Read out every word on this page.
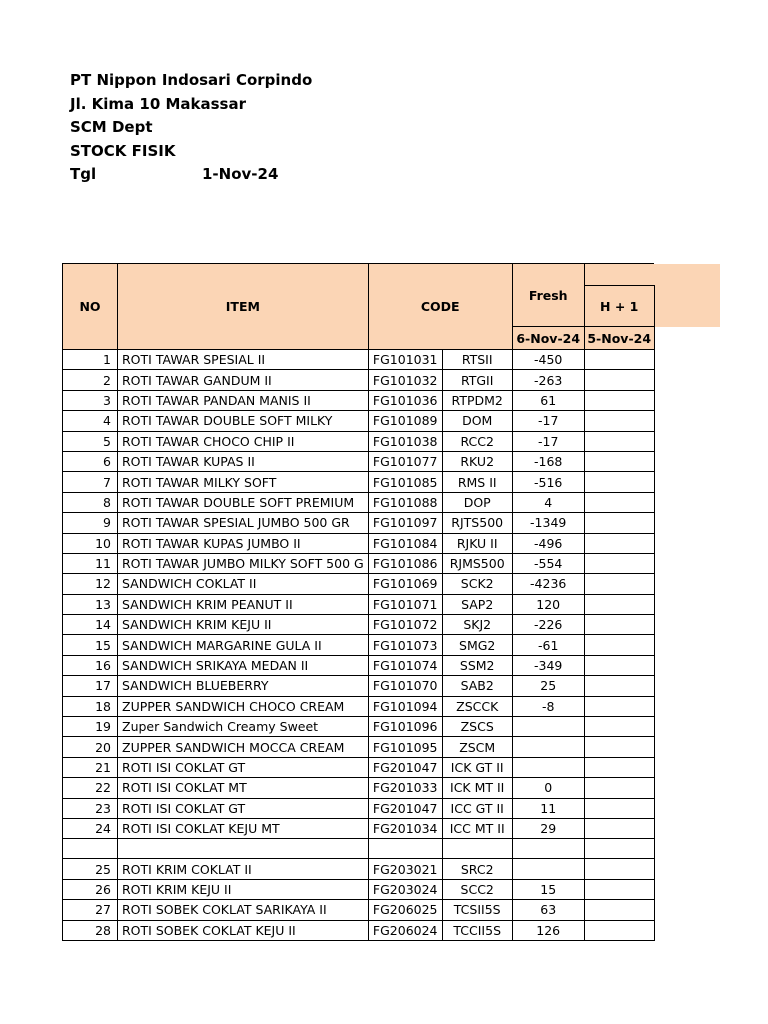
PT Nippon Indosari Corpindo
Jl. Kima 10 Makassar
SCM Dept
STOCK FISIK
Tgl	1-Nov-24
NO	ITEM	CODE		Fresh	
					H + 1
				6-Nov-24	5-Nov-24
1	ROTI TAWAR SPESIAL II	FG101031	RTSII	-450	
2	ROTI TAWAR GANDUM II	FG101032	RTGII	-263	
3	ROTI TAWAR PANDAN MANIS II	FG101036	RTPDM2	61	
4	ROTI TAWAR DOUBLE SOFT MILKY	FG101089	DOM	-17	
5	ROTI TAWAR CHOCO CHIP II	FG101038	RCC2	-17	
6	ROTI TAWAR KUPAS II	FG101077	RKU2	-168	
7	ROTI TAWAR MILKY SOFT	FG101085	RMS II	-516	
8	ROTI TAWAR DOUBLE SOFT PREMIUM	FG101088	DOP	4	
9	ROTI TAWAR SPESIAL JUMBO 500 GR	FG101097	RJTS500	-1349	
10	ROTI TAWAR KUPAS JUMBO II	FG101084	RJKU II	-496	
11	ROTI TAWAR JUMBO MILKY SOFT 500 G	FG101086	RJMS500	-554	
12	SANDWICH COKLAT II	FG101069	SCK2	-4236	
13	SANDWICH KRIM PEANUT II	FG101071	SAP2	120	
14	SANDWICH KRIM KEJU II	FG101072	SKJ2	-226	
15	SANDWICH MARGARINE GULA II	FG101073	SMG2	-61	
16	SANDWICH SRIKAYA MEDAN II	FG101074	SSM2	-349	
17	SANDWICH BLUEBERRY	FG101070	SAB2	25	
18	ZUPPER SANDWICH CHOCO CREAM	FG101094	ZSCCK	-8	
19	Zuper Sandwich Creamy Sweet	FG101096	ZSCS		
20	ZUPPER SANDWICH MOCCA CREAM	FG101095	ZSCM		
21	ROTI ISI COKLAT GT	FG201047	ICK GT II		
22	ROTI ISI COKLAT MT	FG201033	ICK MT II	0	
23	ROTI ISI COKLAT GT	FG201047	ICC GT II	11	
24	ROTI ISI COKLAT KEJU MT	FG201034	ICC MT II	29	

25	ROTI KRIM COKLAT II	FG203021	SRC2		
26	ROTI KRIM KEJU II	FG203024	SCC2	15	
27	ROTI SOBEK COKLAT SARIKAYA II	FG206025	TCSII5S	63	
28	ROTI SOBEK COKLAT KEJU II	FG206024	TCCII5S	126	
